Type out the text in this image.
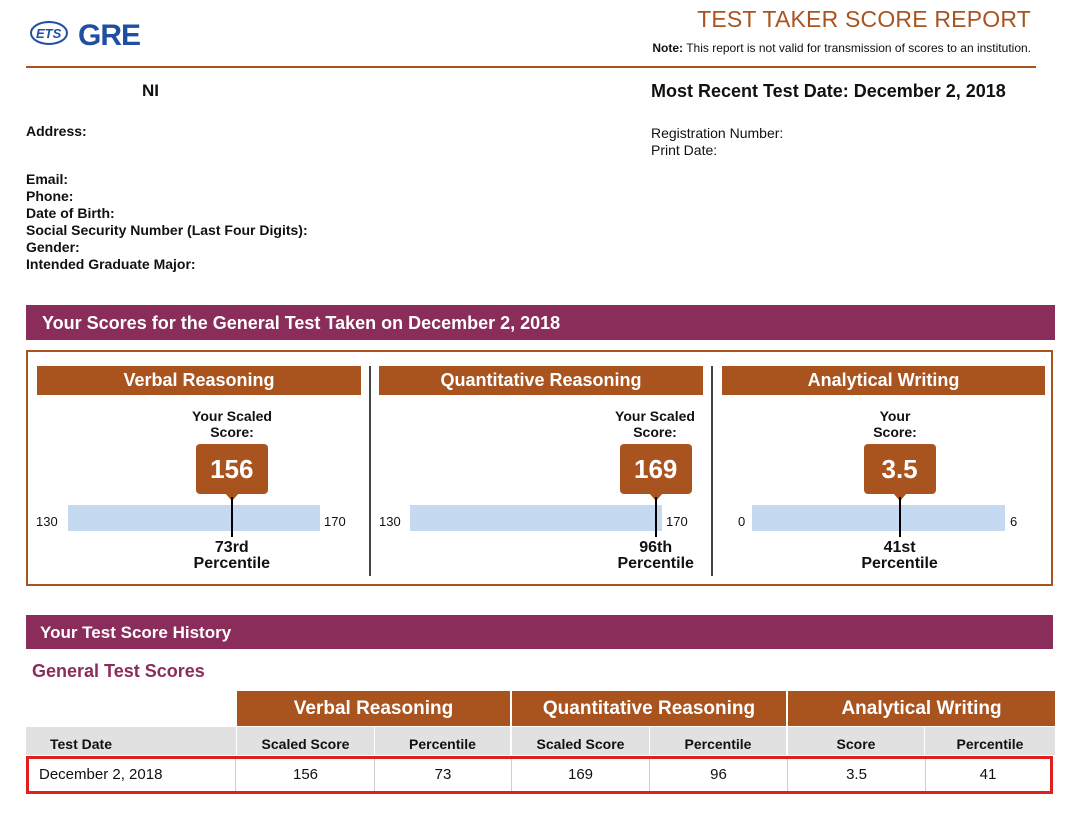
ETS GRE	TEST TAKER SCORE REPORT
Note: This report is not valid for transmission of scores to an institution.
NI	Most Recent Test Date: December 2, 2018
Address:	Registration Number:
Print Date:
Email:
Phone:
Date of Birth:
Social Security Number (Last Four Digits):
Gender:
Intended Graduate Major:
Your Scores for the General Test Taken on December 2, 2018
Verbal Reasoning
Your Scaled
Score:
156
130	170
73rd
Percentile
Quantitative Reasoning
Your Scaled
Score:
169
130	170
96th
Percentile
Analytical Writing
Your
Score:
3.5
0	6
41st
Percentile
Your Test Score History
General Test Scores
Verbal Reasoning	Quantitative Reasoning	Analytical Writing
Test Date	Scaled Score	Percentile	Scaled Score	Percentile	Score	Percentile
December 2, 2018	156	73	169	96	3.5	41
